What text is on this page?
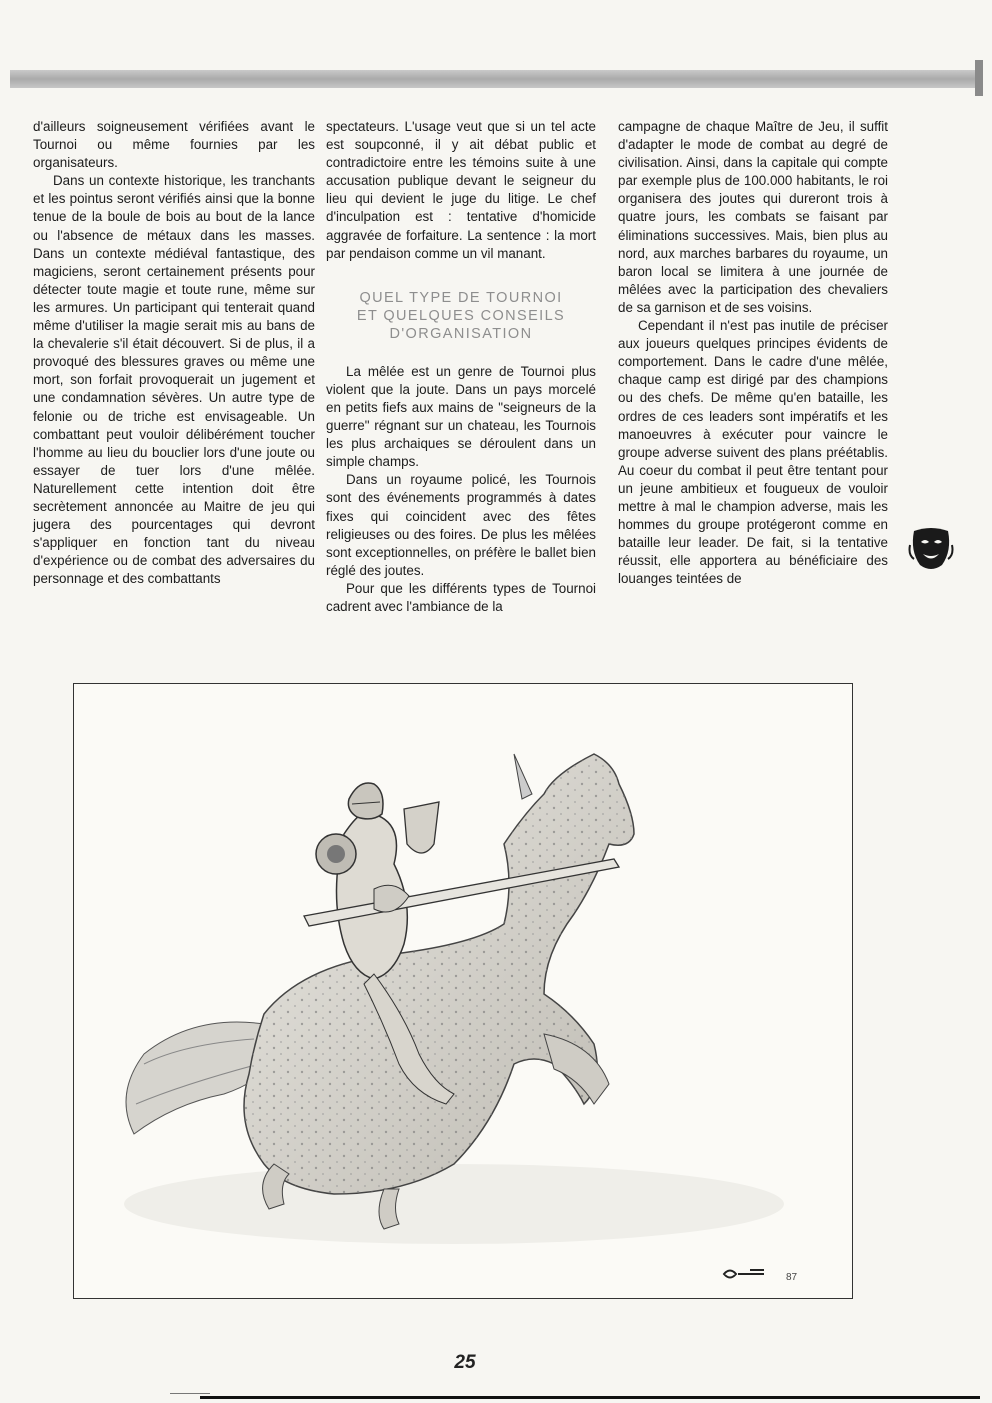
d'ailleurs soigneusement vérifiées avant le Tournoi ou même fournies par les organisateurs.

Dans un contexte historique, les tranchants et les pointus seront vérifiés ainsi que la bonne tenue de la boule de bois au bout de la lance ou l'absence de métaux dans les masses. Dans un contexte médiéval fantastique, des magiciens, seront certainement présents pour détecter toute magie et toute rune, même sur les armures. Un participant qui tenterait quand même d'utiliser la magie serait mis au bans de la chevalerie s'il était découvert. Si de plus, il a provoqué des blessures graves ou même une mort, son forfait provoquerait un jugement et une condamnation sévères. Un autre type de felonie ou de triche est envisageable. Un combattant peut vouloir délibérément toucher l'homme au lieu du bouclier lors d'une joute ou essayer de tuer lors d'une mêlée. Naturellement cette intention doit être secrètement annoncée au Maitre de jeu qui jugera des pourcentages qui devront s'appliquer en fonction tant du niveau d'expérience ou de combat des adversaires du personnage et des combattants

spectateurs. L'usage veut que si un tel acte est soupconné, il y ait débat public et contradictoire entre les témoins suite à une accusation publique devant le seigneur du lieu qui devient le juge du litige. Le chef d'inculpation est : tentative d'homicide aggravée de forfaiture. La sentence : la mort par pendaison comme un vil manant.

QUEL TYPE DE TOURNOI
ET QUELQUES CONSEILS
D'ORGANISATION

La mêlée est un genre de Tournoi plus violent que la joute. Dans un pays morcelé en petits fiefs aux mains de "seigneurs de la guerre" régnant sur un chateau, les Tournois les plus archaiques se déroulent dans un simple champs.

Dans un royaume policé, les Tournois sont des événements programmés à dates fixes qui coincident avec des fêtes religieuses ou des foires. De plus les mêlées sont exceptionnelles, on préfère le ballet bien réglé des joutes.

Pour que les différents types de Tournoi cadrent avec l'ambiance de la

campagne de chaque Maître de Jeu, il suffit d'adapter le mode de combat au degré de civilisation. Ainsi, dans la capitale qui compte par exemple plus de 100.000 habitants, le roi organisera des joutes qui dureront trois à quatre jours, les combats se faisant par éliminations successives. Mais, bien plus au nord, aux marches barbares du royaume, un baron local se limitera à une journée de mêlées avec la participation des chevaliers de sa garnison et de ses voisins.

Cependant il n'est pas inutile de préciser aux joueurs quelques principes évidents de comportement. Dans le cadre d'une mêlée, chaque camp est dirigé par des champions ou des chefs. De même qu'en bataille, les ordres de ces leaders sont impératifs et les manoeuvres à exécuter pour vaincre le groupe adverse suivent des plans préétablis. Au coeur du combat il peut être tentant pour un jeune ambitieux et fougueux de vouloir mettre à mal le champion adverse, mais les hommes du groupe protégeront comme en bataille leur leader. De fait, si la tentative réussit, elle apportera au bénéficiaire des louanges teintées de

87
25
